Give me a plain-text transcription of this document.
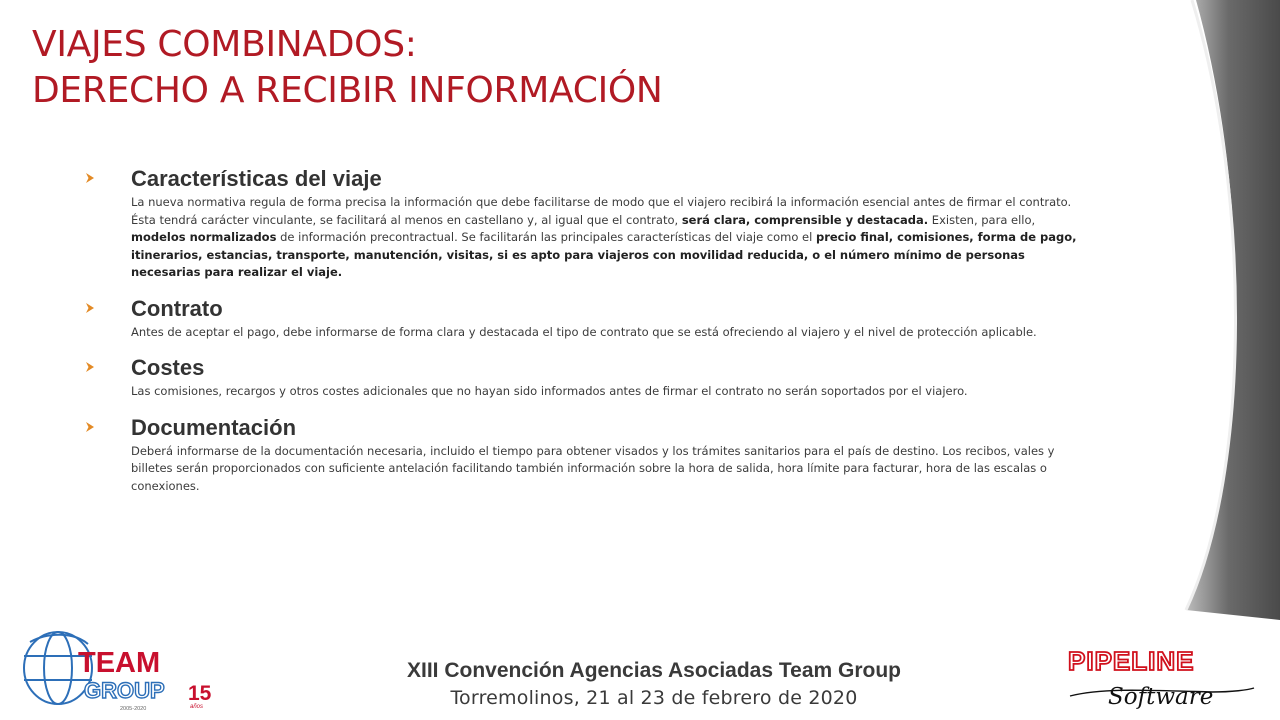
VIAJES COMBINADOS:
DERECHO A RECIBIR INFORMACIÓN
Características del viaje
La nueva normativa regula de forma precisa la información que debe facilitarse de modo que el viajero recibirá la información esencial antes de firmar el contrato. Ésta tendrá carácter vinculante, se facilitará al menos en castellano y, al igual que el contrato, será clara, comprensible y destacada. Existen, para ello, modelos normalizados de información precontractual. Se facilitarán las principales características del viaje como el precio final, comisiones, forma de pago, itinerarios, estancias, transporte, manutención, visitas, si es apto para viajeros con movilidad reducida, o el número mínimo de personas necesarias para realizar el viaje.
Contrato
Antes de aceptar el pago, debe informarse de forma clara y destacada el tipo de contrato que se está ofreciendo al viajero y el nivel de protección aplicable.
Costes
Las comisiones, recargos y otros costes adicionales que no hayan sido informados antes de firmar el contrato no serán soportados por el viajero.
Documentación
Deberá informarse de la documentación necesaria, incluido el tiempo para obtener visados y los trámites sanitarios para el país de destino. Los recibos, vales y billetes serán proporcionados con suficiente antelación facilitando también información sobre la hora de salida, hora límite para facturar, hora de las escalas o conexiones.
XIII Convención Agencias Asociadas Team Group
Torremolinos, 21 al 23 de febrero de 2020
TEAM
GROUP 15
años
2005-2020
PIPELINE
Software
